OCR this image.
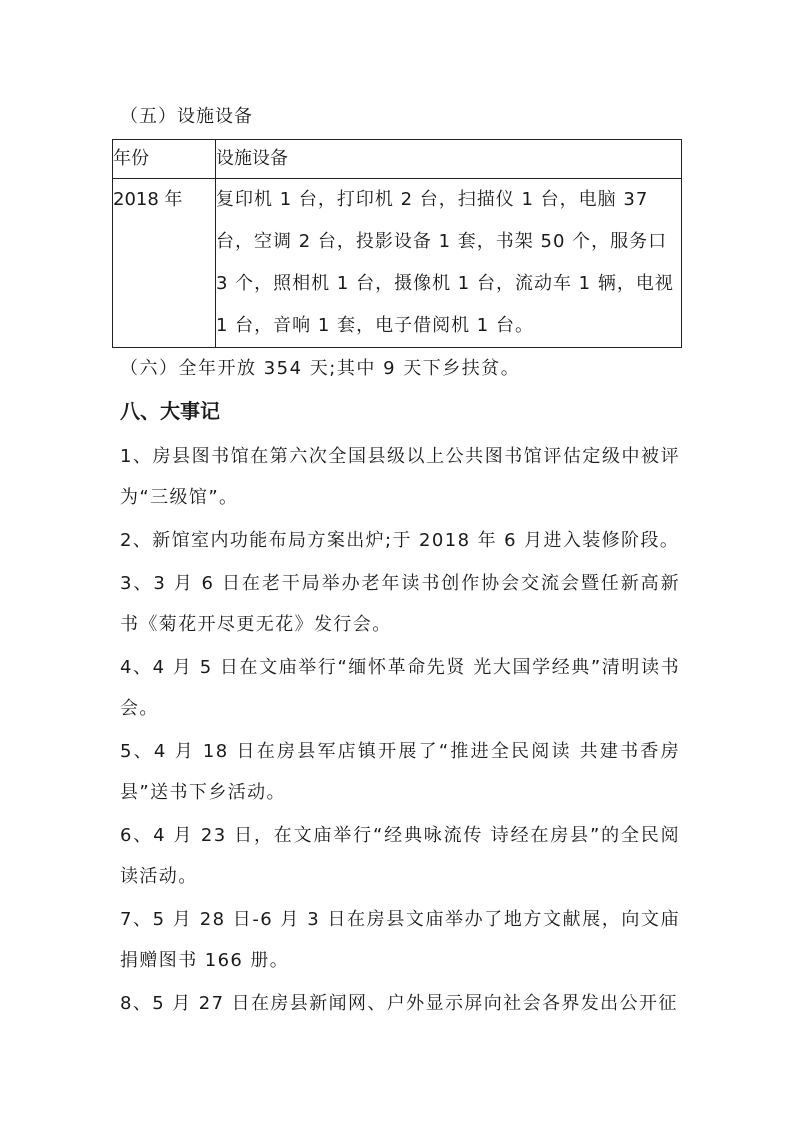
（五）设施设备
年份	设施设备
2018 年	复印机 1 台，打印机 2 台，扫描仪 1 台，电脑 37 台，空调 2 台，投影设备 1 套，书架 50 个，服务口 3 个，照相机 1 台，摄像机 1 台，流动车 1 辆，电视 1 台，音响 1 套，电子借阅机 1 台。
（六）全年开放 354 天;其中 9 天下乡扶贫。
八、大事记
1、房县图书馆在第六次全国县级以上公共图书馆评估定级中被评为“三级馆”。
2、新馆室内功能布局方案出炉;于 2018 年 6 月进入装修阶段。
3、3 月 6 日在老干局举办老年读书创作协会交流会暨任新高新书《菊花开尽更无花》发行会。
4、4 月 5 日在文庙举行“缅怀革命先贤 光大国学经典”清明读书会。
5、4 月 18 日在房县军店镇开展了“推进全民阅读 共建书香房县”送书下乡活动。
6、4 月 23 日，在文庙举行“经典咏流传 诗经在房县”的全民阅读活动。
7、5 月 28 日-6 月 3 日在房县文庙举办了地方文献展，向文庙捐赠图书 166 册。
8、5 月 27 日在房县新闻网、户外显示屏向社会各界发出公开征
